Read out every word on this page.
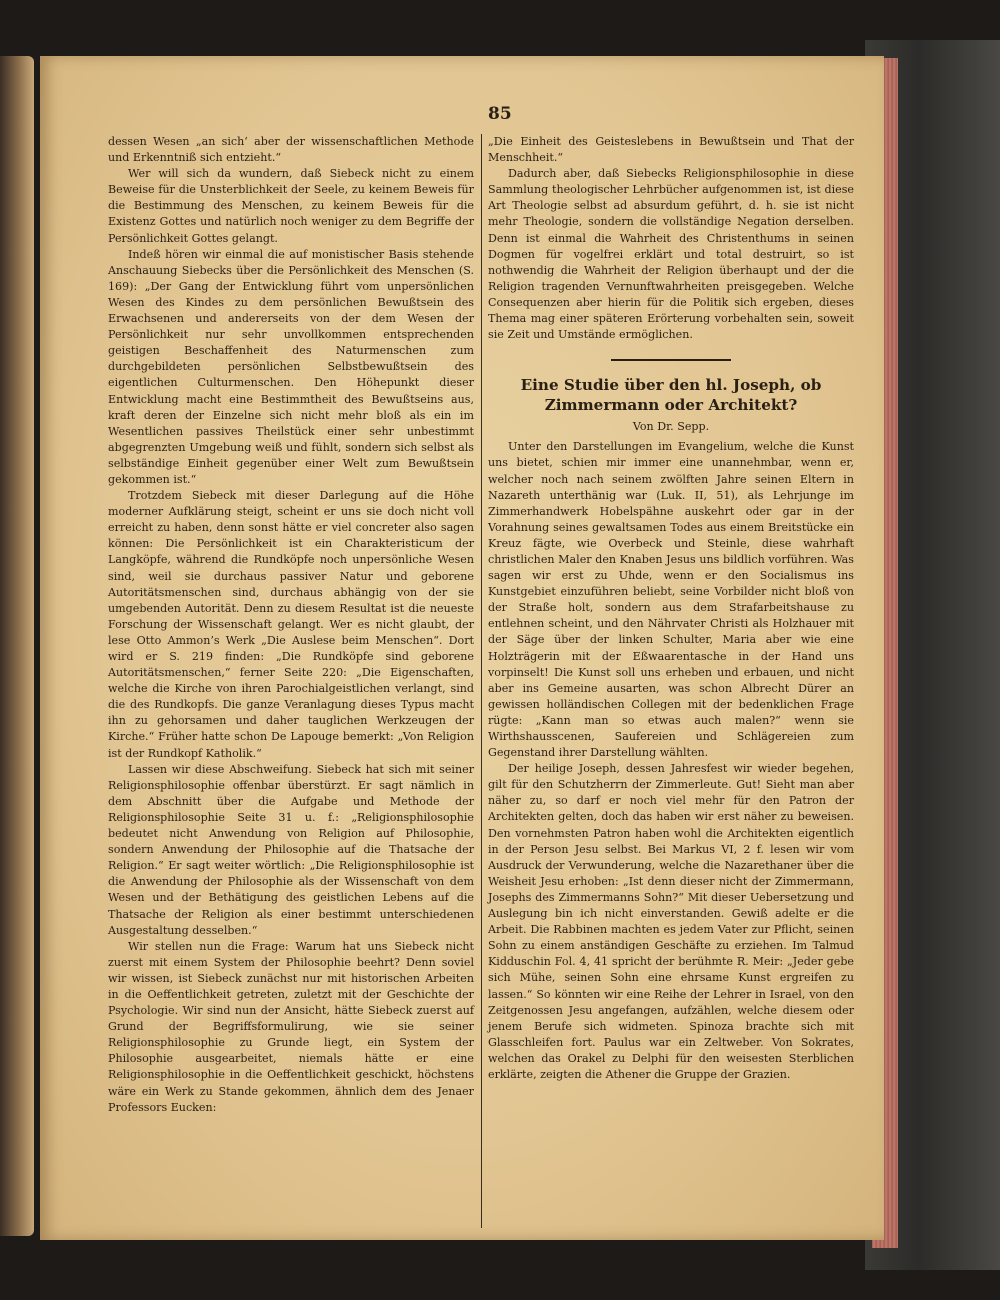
85

dessen Wesen „an sich‘ aber der wissenschaftlichen Methode und Erkenntniß sich entzieht.“

Wer will sich da wundern, daß Siebeck nicht zu einem Beweise für die Unsterblichkeit der Seele, zu keinem Beweis für die Bestimmung des Menschen, zu keinem Beweis für die Existenz Gottes und natürlich noch weniger zu dem Begriffe der Persönlichkeit Gottes gelangt.

Indeß hören wir einmal die auf monistischer Basis stehende Anschauung Siebecks über die Persönlichkeit des Menschen (S. 169): „Der Gang der Entwicklung führt vom unpersönlichen Wesen des Kindes zu dem persönlichen Bewußtsein des Erwachsenen und andererseits von der dem Wesen der Persönlichkeit nur sehr unvollkommen entsprechenden geistigen Beschaffenheit des Naturmenschen zum durchgebildeten persönlichen Selbstbewußtsein des eigentlichen Culturmenschen. Den Höhepunkt dieser Entwicklung macht eine Bestimmtheit des Bewußtseins aus, kraft deren der Einzelne sich nicht mehr bloß als ein im Wesentlichen passives Theilstück einer sehr unbestimmt abgegrenzten Umgebung weiß und fühlt, sondern sich selbst als selbständige Einheit gegenüber einer Welt zum Bewußtsein gekommen ist.“

Trotzdem Siebeck mit dieser Darlegung auf die Höhe moderner Aufklärung steigt, scheint er uns sie doch nicht voll erreicht zu haben, denn sonst hätte er viel concreter also sagen können: Die Persönlichkeit ist ein Charakteristicum der Langköpfe, während die Rundköpfe noch unpersönliche Wesen sind, weil sie durchaus passiver Natur und geborene Autoritätsmenschen sind, durchaus abhängig von der sie umgebenden Autorität. Denn zu diesem Resultat ist die neueste Forschung der Wissenschaft gelangt. Wer es nicht glaubt, der lese Otto Ammon’s Werk „Die Auslese beim Menschen“. Dort wird er S. 219 finden: „Die Rundköpfe sind geborene Autoritätsmenschen,“ ferner Seite 220: „Die Eigenschaften, welche die Kirche von ihren Parochialgeistlichen verlangt, sind die des Rundkopfs. Die ganze Veranlagung dieses Typus macht ihn zu gehorsamen und daher tauglichen Werkzeugen der Kirche.“ Früher hatte schon De Lapouge bemerkt: „Von Religion ist der Rundkopf Katholik.“

Lassen wir diese Abschweifung. Siebeck hat sich mit seiner Religionsphilosophie offenbar überstürzt. Er sagt nämlich in dem Abschnitt über die Aufgabe und Methode der Religionsphilosophie Seite 31 u. f.: „Religionsphilosophie bedeutet nicht Anwendung von Religion auf Philosophie, sondern Anwendung der Philosophie auf die Thatsache der Religion.“ Er sagt weiter wörtlich: „Die Religionsphilosophie ist die Anwendung der Philosophie als der Wissenschaft von dem Wesen und der Bethätigung des geistlichen Lebens auf die Thatsache der Religion als einer bestimmt unterschiedenen Ausgestaltung desselben.“

Wir stellen nun die Frage: Warum hat uns Siebeck nicht zuerst mit einem System der Philosophie beehrt? Denn soviel wir wissen, ist Siebeck zunächst nur mit historischen Arbeiten in die Oeffentlichkeit getreten, zuletzt mit der Geschichte der Psychologie. Wir sind nun der Ansicht, hätte Siebeck zuerst auf Grund der Begriffsformulirung, wie sie seiner Religionsphilosophie zu Grunde liegt, ein System der Philosophie ausgearbeitet, niemals hätte er eine Religionsphilosophie in die Oeffentlichkeit geschickt, höchstens wäre ein Werk zu Stande gekommen, ähnlich dem des Jenaer Professors Eucken:

„Die Einheit des Geisteslebens in Bewußtsein und That der Menschheit.“

Dadurch aber, daß Siebecks Religionsphilosophie in diese Sammlung theologischer Lehrbücher aufgenommen ist, ist diese Art Theologie selbst ad absurdum geführt, d. h. sie ist nicht mehr Theologie, sondern die vollständige Negation derselben. Denn ist einmal die Wahrheit des Christenthums in seinen Dogmen für vogelfrei erklärt und total destruirt, so ist nothwendig die Wahrheit der Religion überhaupt und der die Religion tragenden Vernunftwahrheiten preisgegeben. Welche Consequenzen aber hierin für die Politik sich ergeben, dieses Thema mag einer späteren Erörterung vorbehalten sein, soweit sie Zeit und Umstände ermöglichen.

Eine Studie über den hl. Joseph, ob Zimmermann oder Architekt?
Von Dr. Sepp.

Unter den Darstellungen im Evangelium, welche die Kunst uns bietet, schien mir immer eine unannehmbar, wenn er, welcher noch nach seinem zwölften Jahre seinen Eltern in Nazareth unterthänig war (Luk. II, 51), als Lehrjunge im Zimmerhandwerk Hobelspähne auskehrt oder gar in der Vorahnung seines gewaltsamen Todes aus einem Breitstücke ein Kreuz fägte, wie Overbeck und Steinle, diese wahrhaft christlichen Maler den Knaben Jesus uns bildlich vorführen. Was sagen wir erst zu Uhde, wenn er den Socialismus ins Kunstgebiet einzuführen beliebt, seine Vorbilder nicht bloß von der Straße holt, sondern aus dem Strafarbeitshause zu entlehnen scheint, und den Nährvater Christi als Holzhauer mit der Säge über der linken Schulter, Maria aber wie eine Holzträgerin mit der Eßwaarentasche in der Hand uns vorpinselt! Die Kunst soll uns erheben und erbauen, und nicht aber ins Gemeine ausarten, was schon Albrecht Dürer an gewissen holländischen Collegen mit der bedenklichen Frage rügte: „Kann man so etwas auch malen?“ wenn sie Wirthshausscenen, Saufereien und Schlägereien zum Gegenstand ihrer Darstellung wählten.

Der heilige Joseph, dessen Jahresfest wir wieder begehen, gilt für den Schutzherrn der Zimmerleute. Gut! Sieht man aber näher zu, so darf er noch viel mehr für den Patron der Architekten gelten, doch das haben wir erst näher zu beweisen. Den vornehmsten Patron haben wohl die Architekten eigentlich in der Person Jesu selbst. Bei Markus VI, 2 f. lesen wir vom Ausdruck der Verwunderung, welche die Nazarethaner über die Weisheit Jesu erhoben: „Ist denn dieser nicht der Zimmermann, Josephs des Zimmermanns Sohn?“ Mit dieser Uebersetzung und Auslegung bin ich nicht einverstanden. Gewiß adelte er die Arbeit. Die Rabbinen machten es jedem Vater zur Pflicht, seinen Sohn zu einem anständigen Geschäfte zu erziehen. Im Talmud Kidduschin Fol. 4, 41 spricht der berühmte R. Meir: „Jeder gebe sich Mühe, seinen Sohn eine ehrsame Kunst ergreifen zu lassen.“ So könnten wir eine Reihe der Lehrer in Israel, von den Zeitgenossen Jesu angefangen, aufzählen, welche diesem oder jenem Berufe sich widmeten. Spinoza brachte sich mit Glasschleifen fort. Paulus war ein Zeltweber. Von Sokrates, welchen das Orakel zu Delphi für den weisesten Sterblichen erklärte, zeigten die Athener die Gruppe der Grazien.
